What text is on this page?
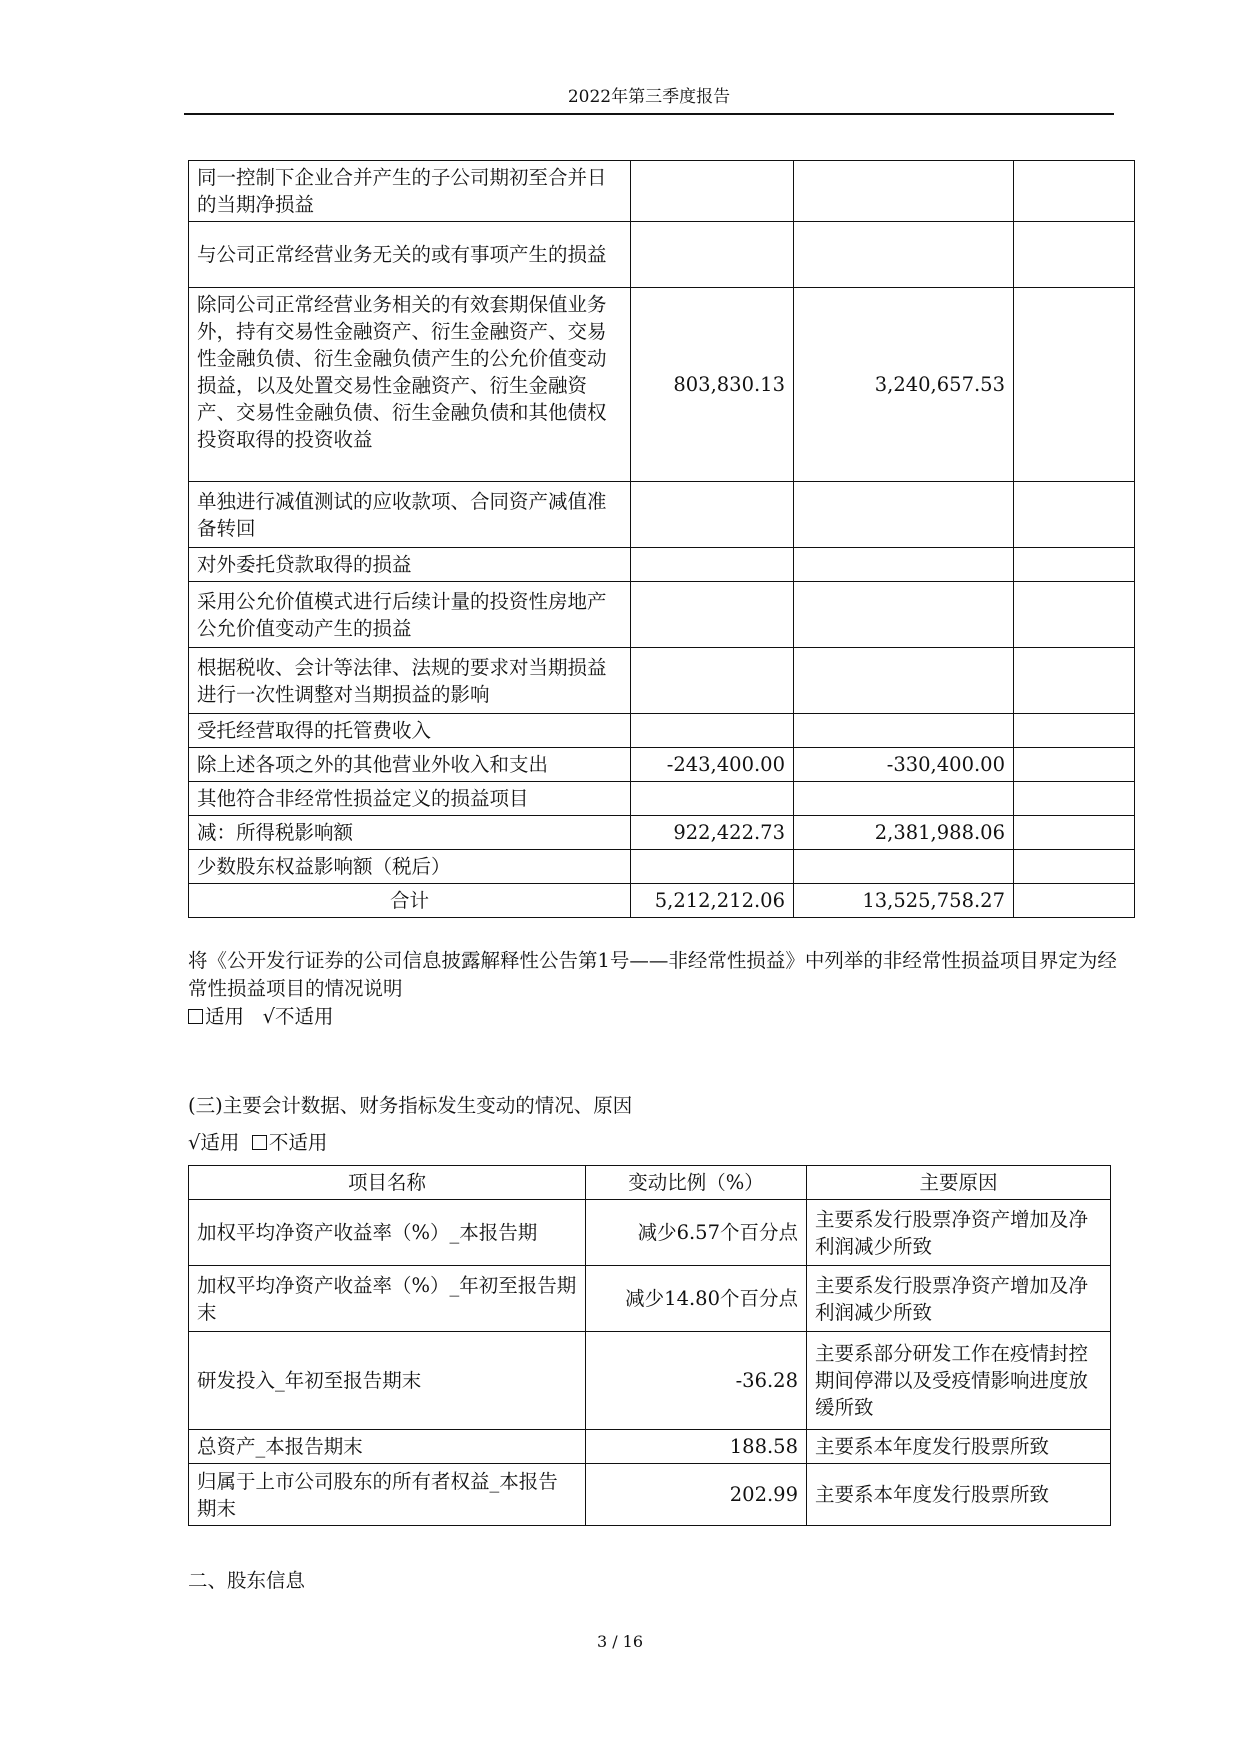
2022年第三季度报告
同一控制下企业合并产生的子公司期初至合并日的当期净损益			
与公司正常经营业务无关的或有事项产生的损益			
除同公司正常经营业务相关的有效套期保值业务外，持有交易性金融资产、衍生金融资产、交易性金融负债、衍生金融负债产生的公允价值变动损益，以及处置交易性金融资产、衍生金融资产、交易性金融负债、衍生金融负债和其他债权投资取得的投资收益	803,830.13	3,240,657.53	
单独进行减值测试的应收款项、合同资产减值准备转回			
对外委托贷款取得的损益			
采用公允价值模式进行后续计量的投资性房地产公允价值变动产生的损益			
根据税收、会计等法律、法规的要求对当期损益进行一次性调整对当期损益的影响			
受托经营取得的托管费收入			
除上述各项之外的其他营业外收入和支出	-243,400.00	-330,400.00	
其他符合非经常性损益定义的损益项目			
减：所得税影响额	922,422.73	2,381,988.06	
少数股东权益影响额（税后）			
合计	5,212,212.06	13,525,758.27	
将《公开发行证券的公司信息披露解释性公告第1号——非经常性损益》中列举的非经常性损益项目界定为经常性损益项目的情况说明
适用 √不适用
(三)主要会计数据、财务指标发生变动的情况、原因
√适用 不适用
项目名称	变动比例（%）	主要原因
加权平均净资产收益率（%）_本报告期	减少6.57个百分点	主要系发行股票净资产增加及净利润减少所致
加权平均净资产收益率（%）_年初至报告期末	减少14.80个百分点	主要系发行股票净资产增加及净利润减少所致
研发投入_年初至报告期末	-36.28	主要系部分研发工作在疫情封控期间停滞以及受疫情影响进度放缓所致
总资产_本报告期末	188.58	主要系本年度发行股票所致
归属于上市公司股东的所有者权益_本报告期末	202.99	主要系本年度发行股票所致
二、股东信息
3 / 16
